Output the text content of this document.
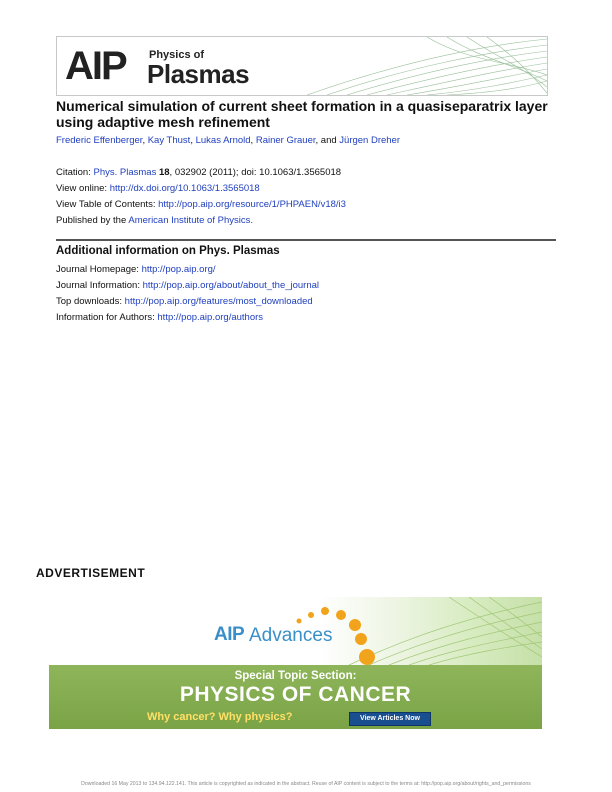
AIP Physics of
Plasmas
Numerical simulation of current sheet formation in a quasiseparatrix layer using adaptive mesh refinement
Frederic Effenberger, Kay Thust, Lukas Arnold, Rainer Grauer, and Jürgen Dreher
Citation: Phys. Plasmas 18, 032902 (2011); doi: 10.1063/1.3565018
View online: http://dx.doi.org/10.1063/1.3565018
View Table of Contents: http://pop.aip.org/resource/1/PHPAEN/v18/i3
Published by the American Institute of Physics.
Additional information on Phys. Plasmas
Journal Homepage: http://pop.aip.org/
Journal Information: http://pop.aip.org/about/about_the_journal
Top downloads: http://pop.aip.org/features/most_downloaded
Information for Authors: http://pop.aip.org/authors
ADVERTISEMENT
AIP Advances
Special Topic Section:
PHYSICS OF CANCER
Why cancer? Why physics?	View Articles Now
Downloaded 16 May 2013 to 134.94.122.141. This article is copyrighted as indicated in the abstract. Reuse of AIP content is subject to the terms at: http://pop.aip.org/about/rights_and_permissions
